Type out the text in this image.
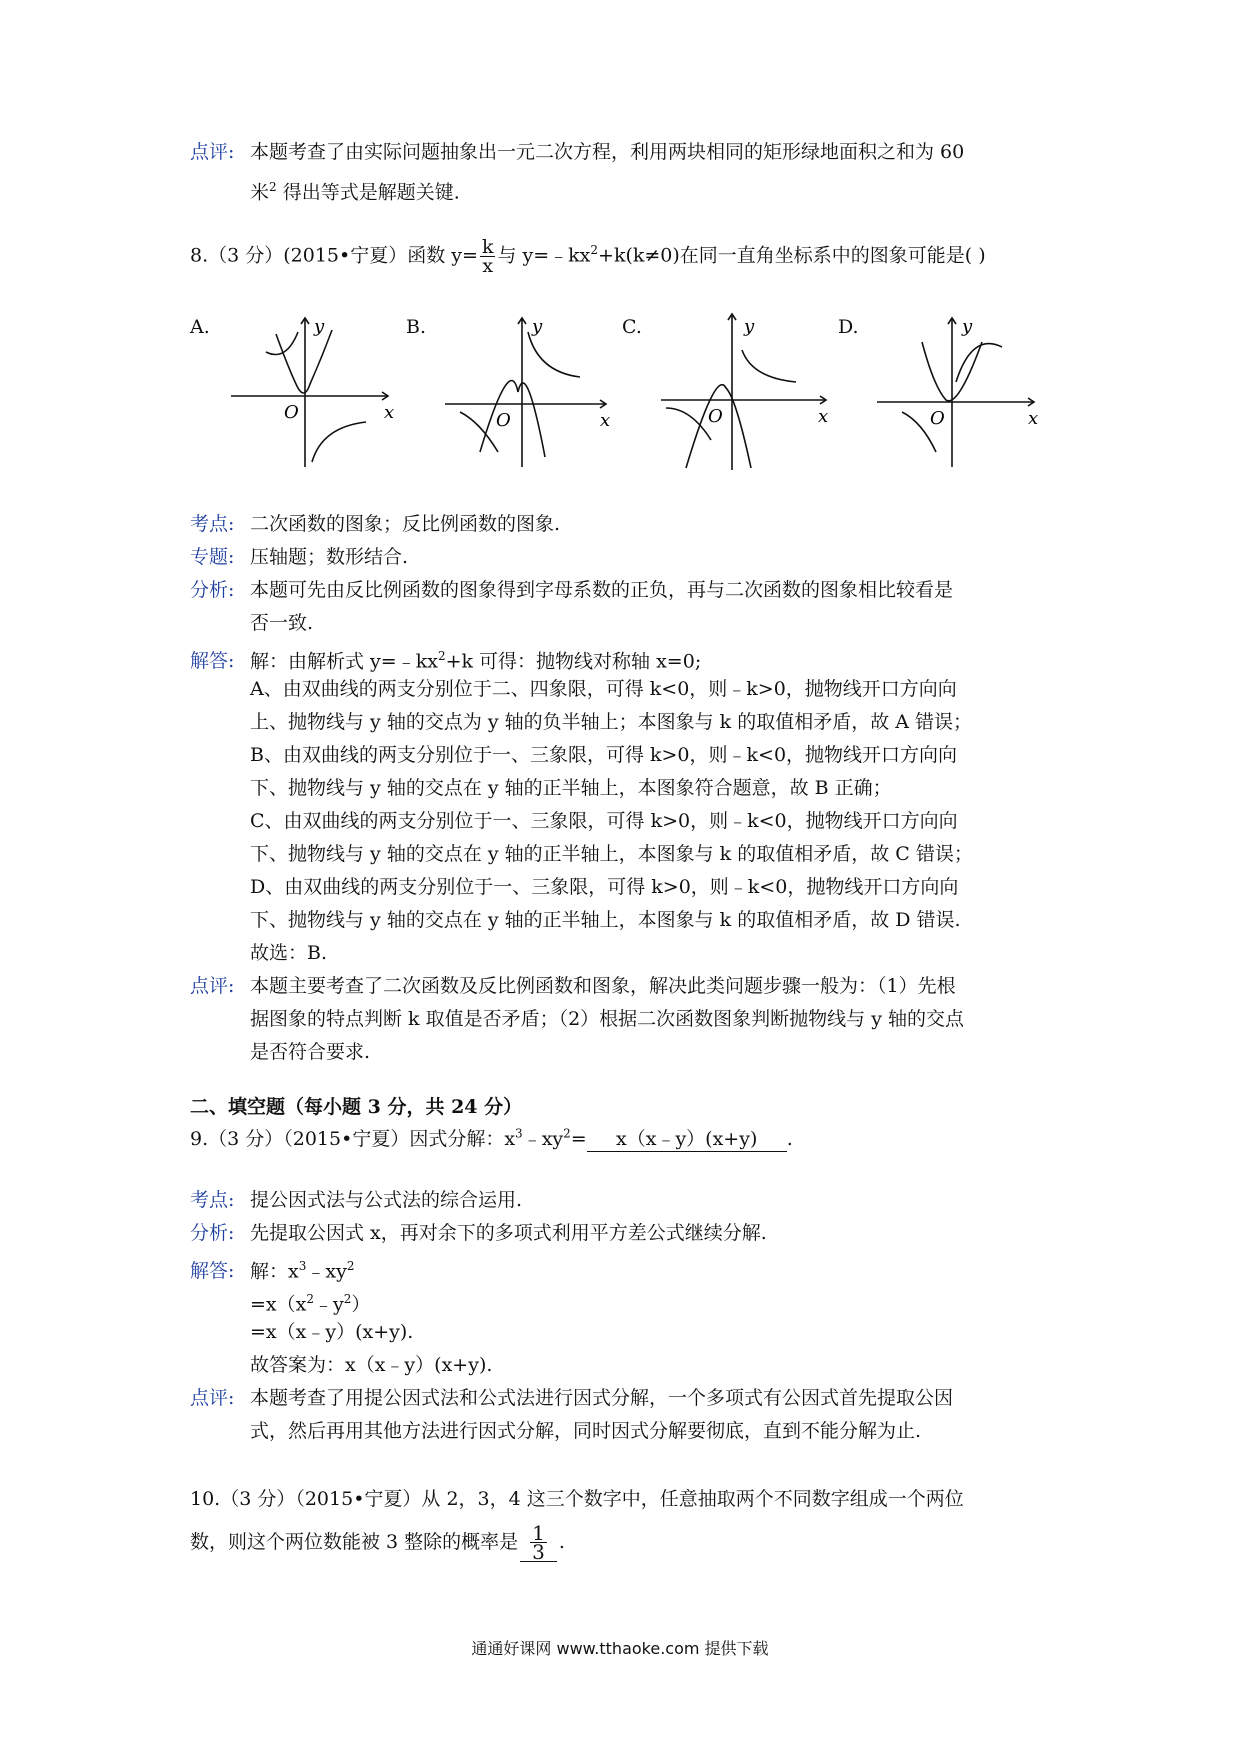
点评: 本题考查了由实际问题抽象出一元二次方程，利用两块相同的矩形绿地面积之和为 60
米$^2$ 得出等式是解题关键.
8.（3 分）(2015•宁夏）函数 $y= \frac{k}{x}$ 与 $y=﹣kx^2+k(k\ne 0)$在同一直角坐标系中的图象可能是( )
A.	B.	C.	D.
y
O	x
y
O	x
y
O	x
y
O	x
考点: 二次函数的图象；反比例函数的图象.
专题: 压轴题；数形结合.
分析: 本题可先由反比例函数的图象得到字母系数的正负，再与二次函数的图象相比较看是
否一致.
解答: 解：由解析式 $y=﹣kx^2+k$ 可得：抛物线对称轴 x=0;
A、由双曲线的两支分别位于二、四象限，可得 k<0，则﹣k>0，抛物线开口方向向
上、抛物线与 y 轴的交点为 y 轴的负半轴上；本图象与 k 的取值相矛盾，故 A 错误；
B、由双曲线的两支分别位于一、三象限，可得 k>0，则﹣k<0，抛物线开口方向向
下、抛物线与 y 轴的交点在 y 轴的正半轴上，本图象符合题意，故 B 正确；
C、由双曲线的两支分别位于一、三象限，可得 k>0，则﹣k<0，抛物线开口方向向
下、抛物线与 y 轴的交点在 y 轴的正半轴上，本图象与 k 的取值相矛盾，故 C 错误；
D、由双曲线的两支分别位于一、三象限，可得 k>0，则﹣k<0，抛物线开口方向向
下、抛物线与 y 轴的交点在 y 轴的正半轴上，本图象与 k 的取值相矛盾，故 D 错误.
故选：B.
点评: 本题主要考查了二次函数及反比例函数和图象，解决此类问题步骤一般为：（1）先根
据图象的特点判断 k 取值是否矛盾；（2）根据二次函数图象判断抛物线与 y 轴的交点
是否符合要求.
二、填空题（每小题 3 分，共 24 分）
9.（3 分）（2015•宁夏）因式分解：$x^3﹣xy^2=$ x（x﹣y）(x+y) .
考点: 提公因式法与公式法的综合运用.
分析: 先提取公因式 x，再对余下的多项式利用平方差公式继续分解.
解答: 解：$x^3﹣xy^2$
$=x(x^2﹣y^2)$
=x（x﹣y）(x+y).
故答案为：x（x﹣y）(x+y).
点评: 本题考查了用提公因式法和公式法进行因式分解，一个多项式有公因式首先提取公因
式，然后再用其他方法进行因式分解，同时因式分解要彻底，直到不能分解为止.
10.（3 分）（2015•宁夏）从 2，3，4 这三个数字中，任意抽取两个不同数字组成一个两位
数，则这个两位数能被 3 整除的概率是 $\frac{1}{3}$ .
通通好课网 www.tthaoke.com 提供下载
